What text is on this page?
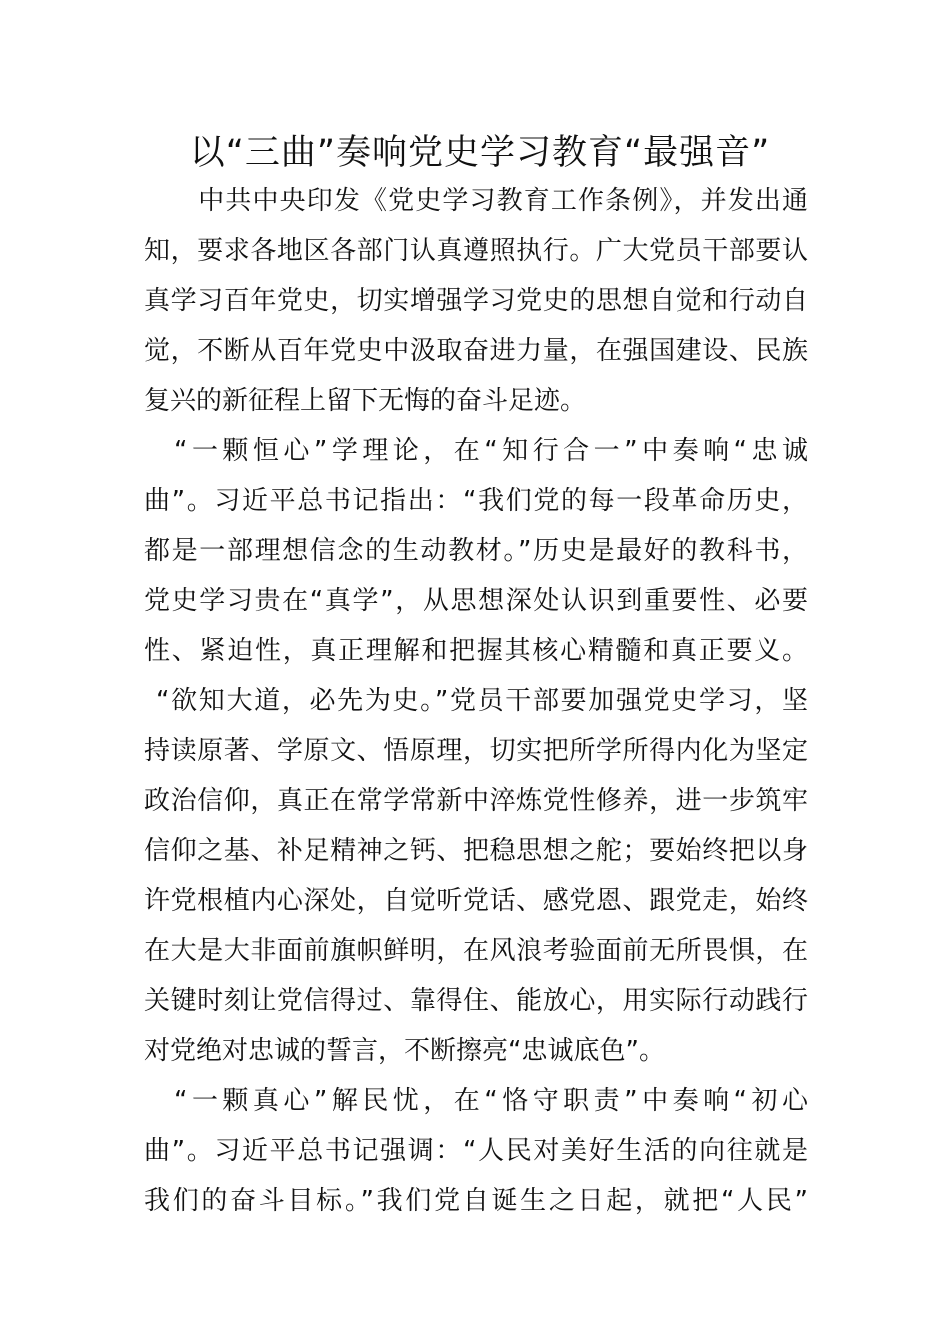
以“三曲”奏响党史学习教育“最强音”
　　中共中央印发《党史学习教育工作条例》，并发出通
知，要求各地区各部门认真遵照执行。广大党员干部要认
真学习百年党史，切实增强学习党史的思想自觉和行动自
觉，不断从百年党史中汲取奋进力量，在强国建设、民族
复兴的新征程上留下无悔的奋斗足迹。
“一颗恒心”学理论，在“知行合一”中奏响“忠诚
曲”。习近平总书记指出：“我们党的每一段革命历史，
都是一部理想信念的生动教材。”历史是最好的教科书，
党史学习贵在“真学”，从思想深处认识到重要性、必要
性、紧迫性，真正理解和把握其核心精髓和真正要义。
“欲知大道，必先为史。”党员干部要加强党史学习，坚
持读原著、学原文、悟原理，切实把所学所得内化为坚定
政治信仰，真正在常学常新中淬炼党性修养，进一步筑牢
信仰之基、补足精神之钙、把稳思想之舵；要始终把以身
许党根植内心深处，自觉听党话、感党恩、跟党走，始终
在大是大非面前旗帜鲜明，在风浪考验面前无所畏惧，在
关键时刻让党信得过、靠得住、能放心，用实际行动践行
对党绝对忠诚的誓言，不断擦亮“忠诚底色”。
“一颗真心”解民忧，在“恪守职责”中奏响“初心
曲”。习近平总书记强调：“人民对美好生活的向往就是
我们的奋斗目标。”我们党自诞生之日起，就把“人民”
